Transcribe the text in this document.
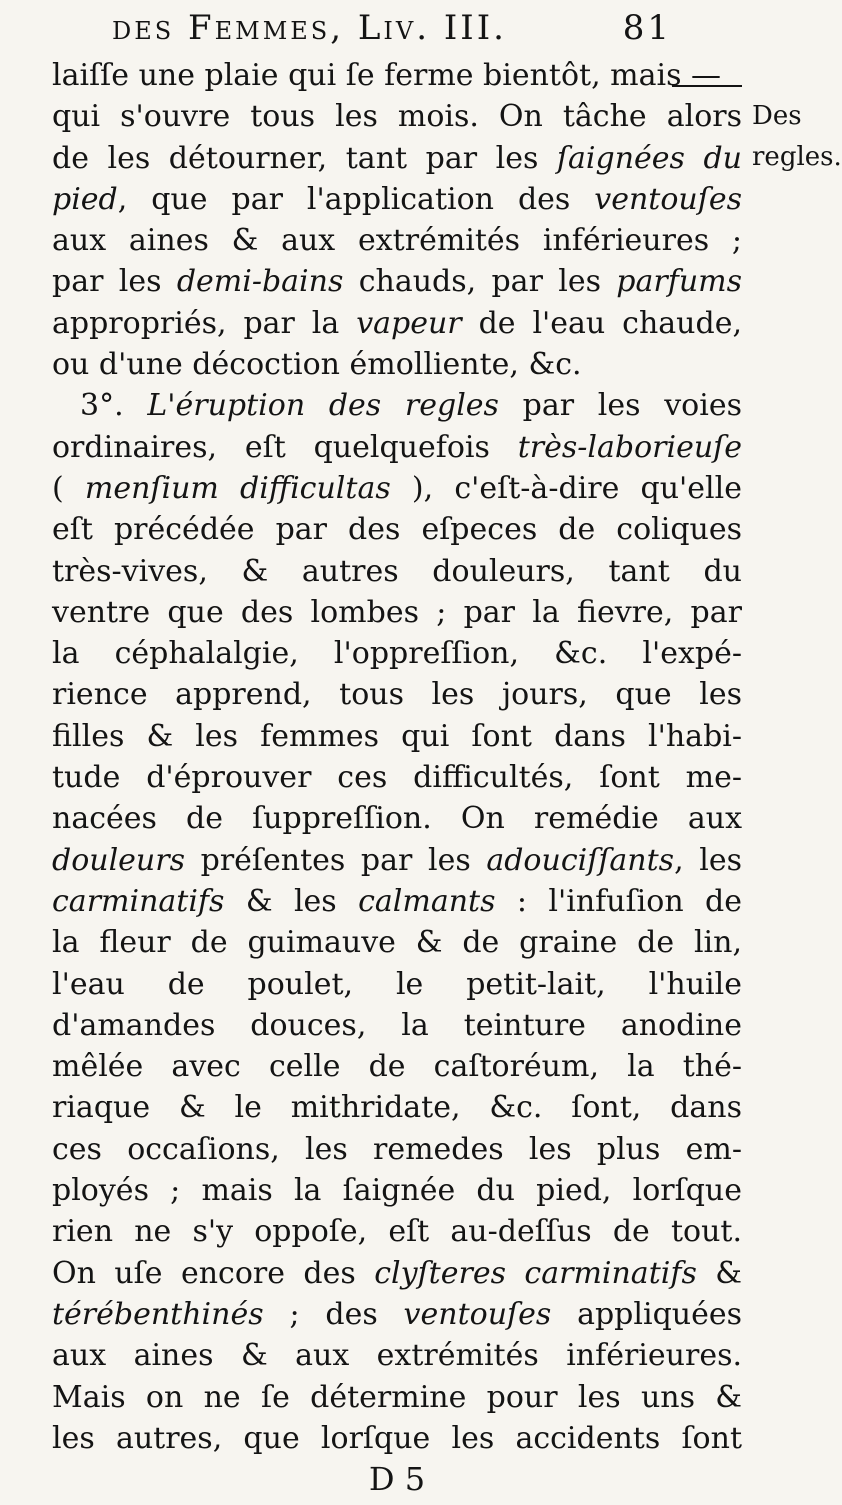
des Femmes, Liv. III.	81
Des
regles.
laiſſe une plaie qui ſe ferme bientôt, mais —
qui s'ouvre tous les mois. On tâche alors
de les détourner, tant par les ſaignées du
pied, que par l'application des ventouſes
aux aines & aux extrémités inférieures ;
par les demi-bains chauds, par les parfums
appropriés, par la vapeur de l'eau chaude,
ou d'une décoction émolliente, &c.
3°. L'éruption des regles par les voies
ordinaires, eſt quelquefois très-laborieuſe
( menſium difficultas ), c'eſt-à-dire qu'elle
eſt précédée par des eſpeces de coliques
très-vives, & autres douleurs, tant du
ventre que des lombes ; par la fievre, par
la céphalalgie, l'oppreſſion, &c. l'expé-
rience apprend, tous les jours, que les
filles & les femmes qui ſont dans l'habi-
tude d'éprouver ces difficultés, ſont me-
nacées de ſuppreſſion. On remédie aux
douleurs préſentes par les adouciſſants, les
carminatifs & les calmants : l'infuſion de
la fleur de guimauve & de graine de lin,
l'eau de poulet, le petit-lait, l'huile
d'amandes douces, la teinture anodine
mêlée avec celle de caſtoréum, la thé-
riaque & le mithridate, &c. ſont, dans
ces occaſions, les remedes les plus em-
ployés ; mais la ſaignée du pied, lorſque
rien ne s'y oppoſe, eſt au-deſſus de tout.
On uſe encore des clyſteres carminatifs &
térébenthinés ; des ventouſes appliquées
aux aines & aux extrémités inférieures.
Mais on ne ſe détermine pour les uns &
les autres, que lorſque les accidents ſont
D 5
